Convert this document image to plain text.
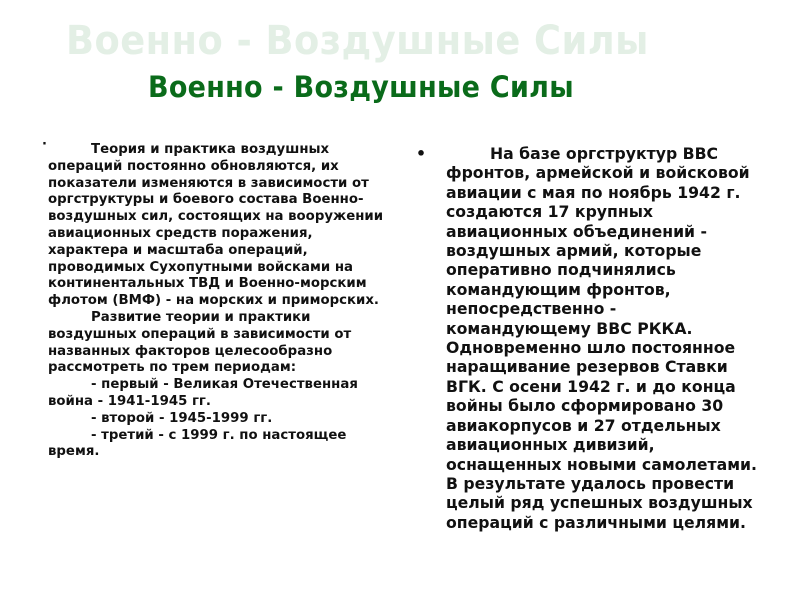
Военно - Воздушные Силы
Военно - Воздушные Силы
·	Теория и практика воздушных операций постоянно обновляются, их показатели изменяются в зависимости от оргструктуры и боевого состава Военно-воздушных сил, состоящих на вооружении авиационных средств поражения, характера и масштаба операций, проводимых Сухопутными войсками на континентальных ТВД и Военно-морским флотом (ВМФ) - на морских и приморских.

Развитие теории и практики воздушных операций в зависимости от названных факторов целесообразно рассмотреть по трем периодам:

- первый - Великая Отечественная война - 1941-1945 гг.

- второй - 1945-1999 гг.

- третий - с 1999 г. по настоящее время.

•	На базе оргструктур ВВС фронтов, армейской и войсковой авиации с мая по ноябрь 1942 г. создаются 17 крупных авиационных объединений - воздушных армий, которые оперативно подчинялись командующим фронтов, непосредственно - командующему ВВС РККА. Одновременно шло постоянное наращивание резервов Ставки ВГК. С осени 1942 г. и до конца войны было сформировано 30 авиакорпусов и 27 отдельных авиационных дивизий, оснащенных новыми самолетами. В результате удалось провести целый ряд успешных воздушных операций с различными целями.
